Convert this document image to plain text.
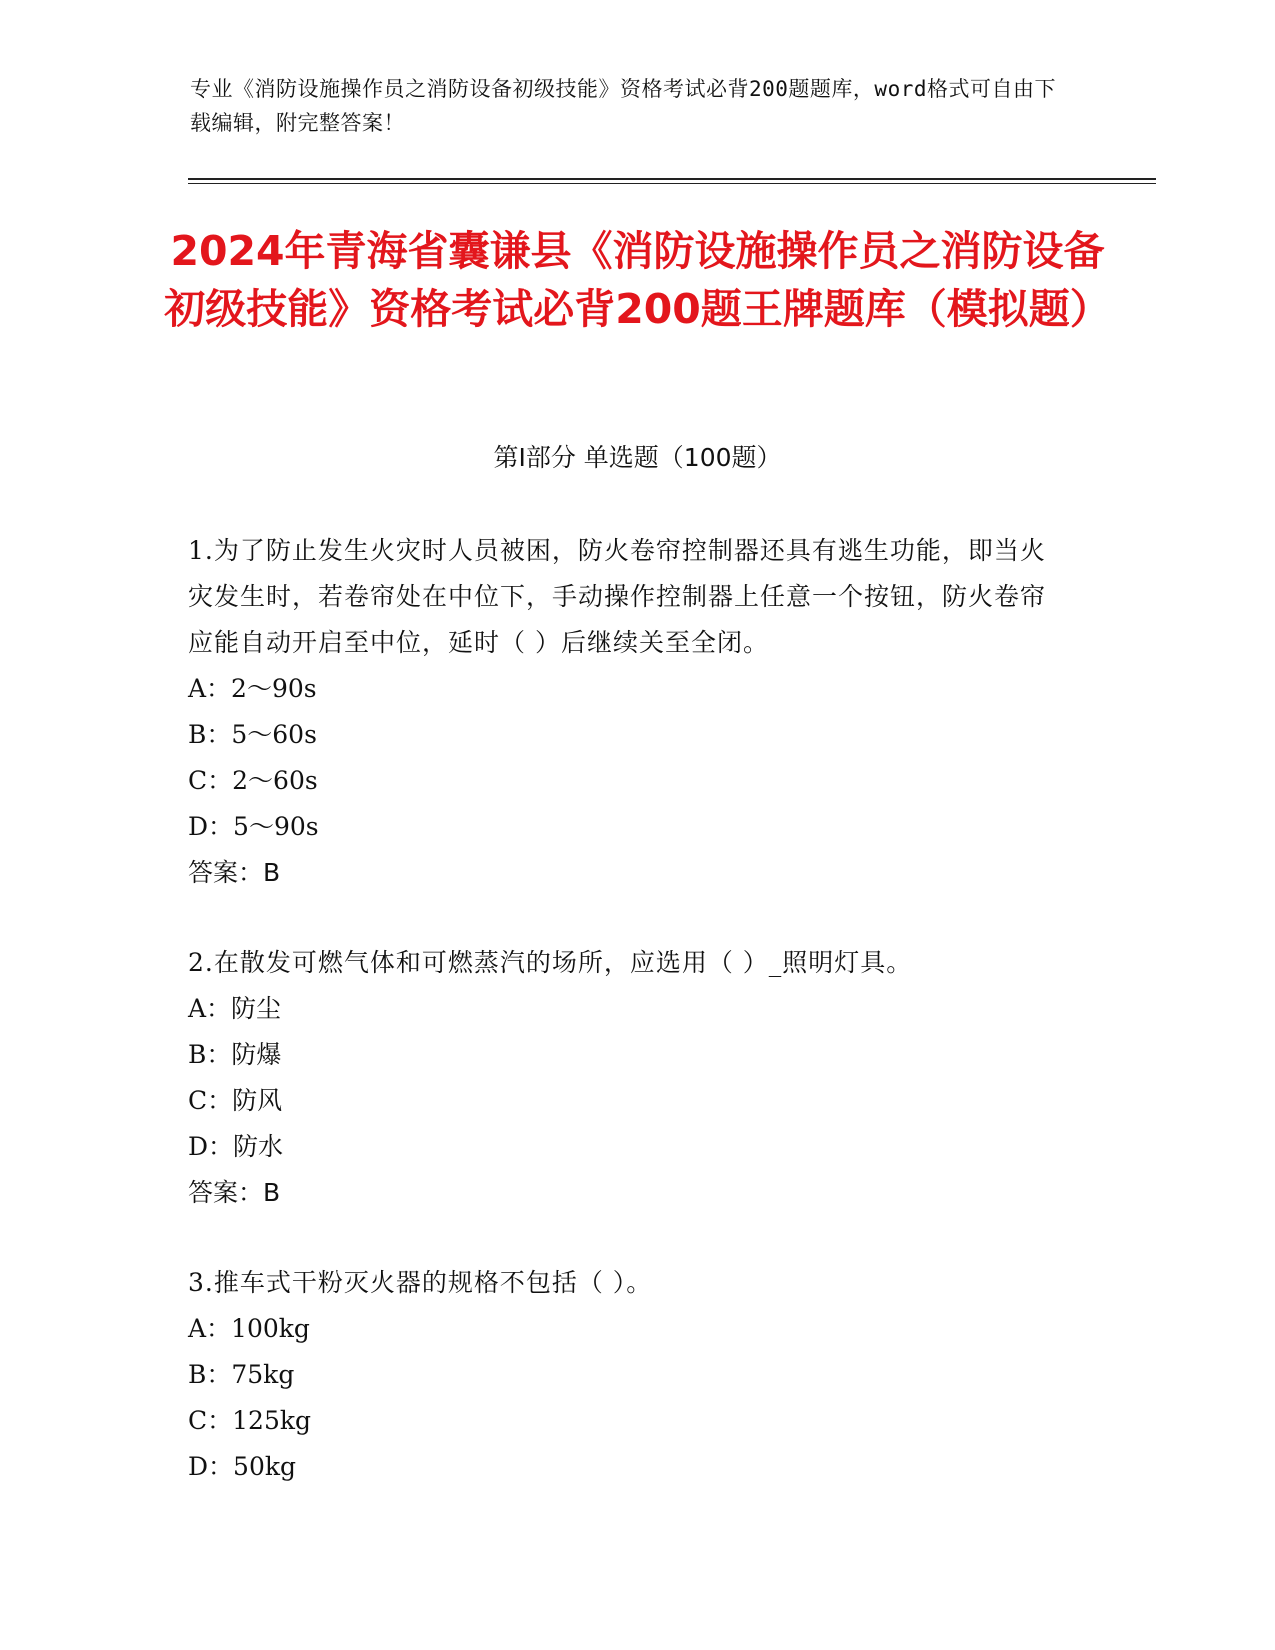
专业《消防设施操作员之消防设备初级技能》资格考试必背200题题库，word格式可自由下载编辑，附完整答案！
2024年青海省囊谦县《消防设施操作员之消防设备初级技能》资格考试必背200题王牌题库（模拟题）
第Ⅰ部分 单选题（100题）
1.为了防止发生火灾时人员被困，防火卷帘控制器还具有逃生功能，即当火灾发生时，若卷帘处在中位下，手动操作控制器上任意一个按钮，防火卷帘应能自动开启至中位，延时（ ）后继续关至全闭。
A：2～90s
B：5～60s
C：2～60s
D：5～90s
答案：B
2.在散发可燃气体和可燃蒸汽的场所，应选用（ ）_照明灯具。
A：防尘
B：防爆
C：防风
D：防水
答案：B
3.推车式干粉灭火器的规格不包括（ ）。
A：100kg
B：75kg
C：125kg
D：50kg
